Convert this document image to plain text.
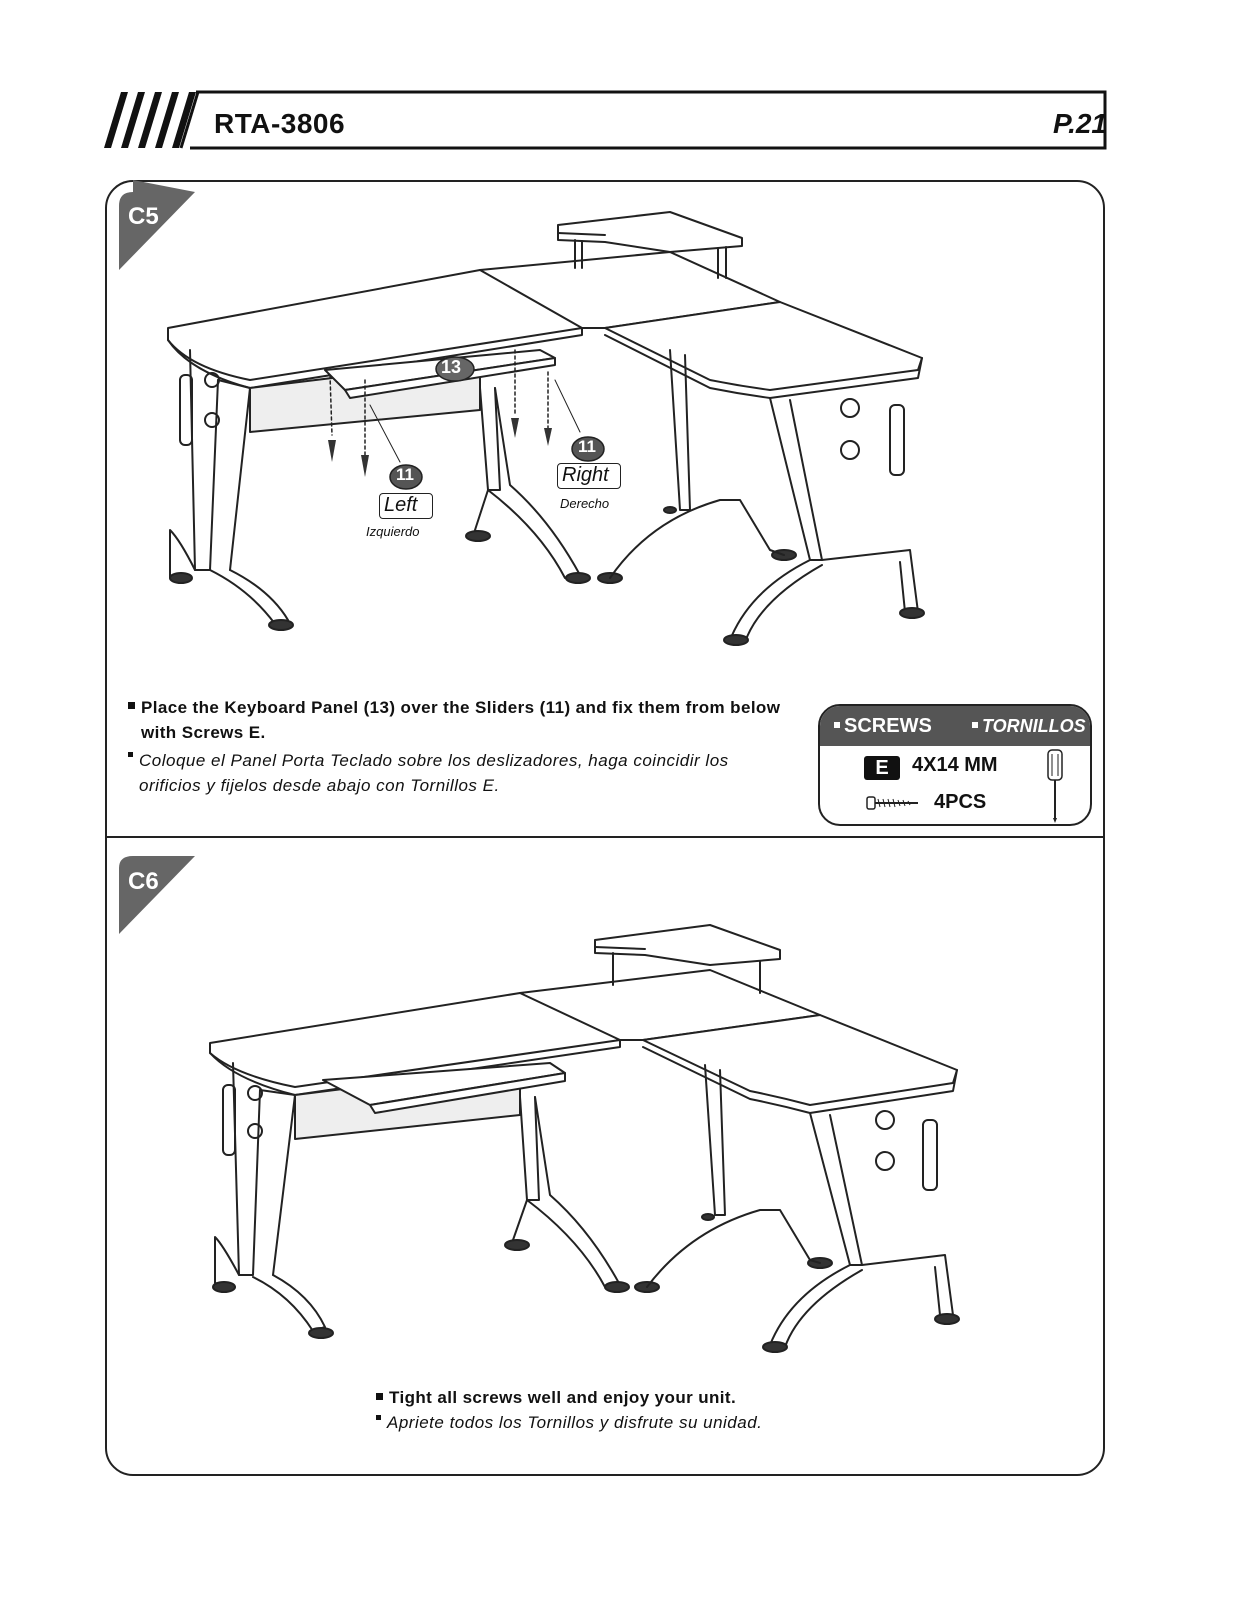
RTA-3806	P.21
C5
13
11
Left
Izquierdo
11
Right
Derecho
Place the Keyboard Panel (13) over the Sliders (11) and fix them from below with Screws E.
Coloque el Panel Porta Teclado sobre los deslizadores, haga coincidir los orificios y fijelos desde abajo con Tornillos E.
SCREWS	TORNILLOS
E	4X14 MM
4PCS
C6
Tight all screws well and enjoy your unit.
Apriete todos los Tornillos y disfrute su unidad.
